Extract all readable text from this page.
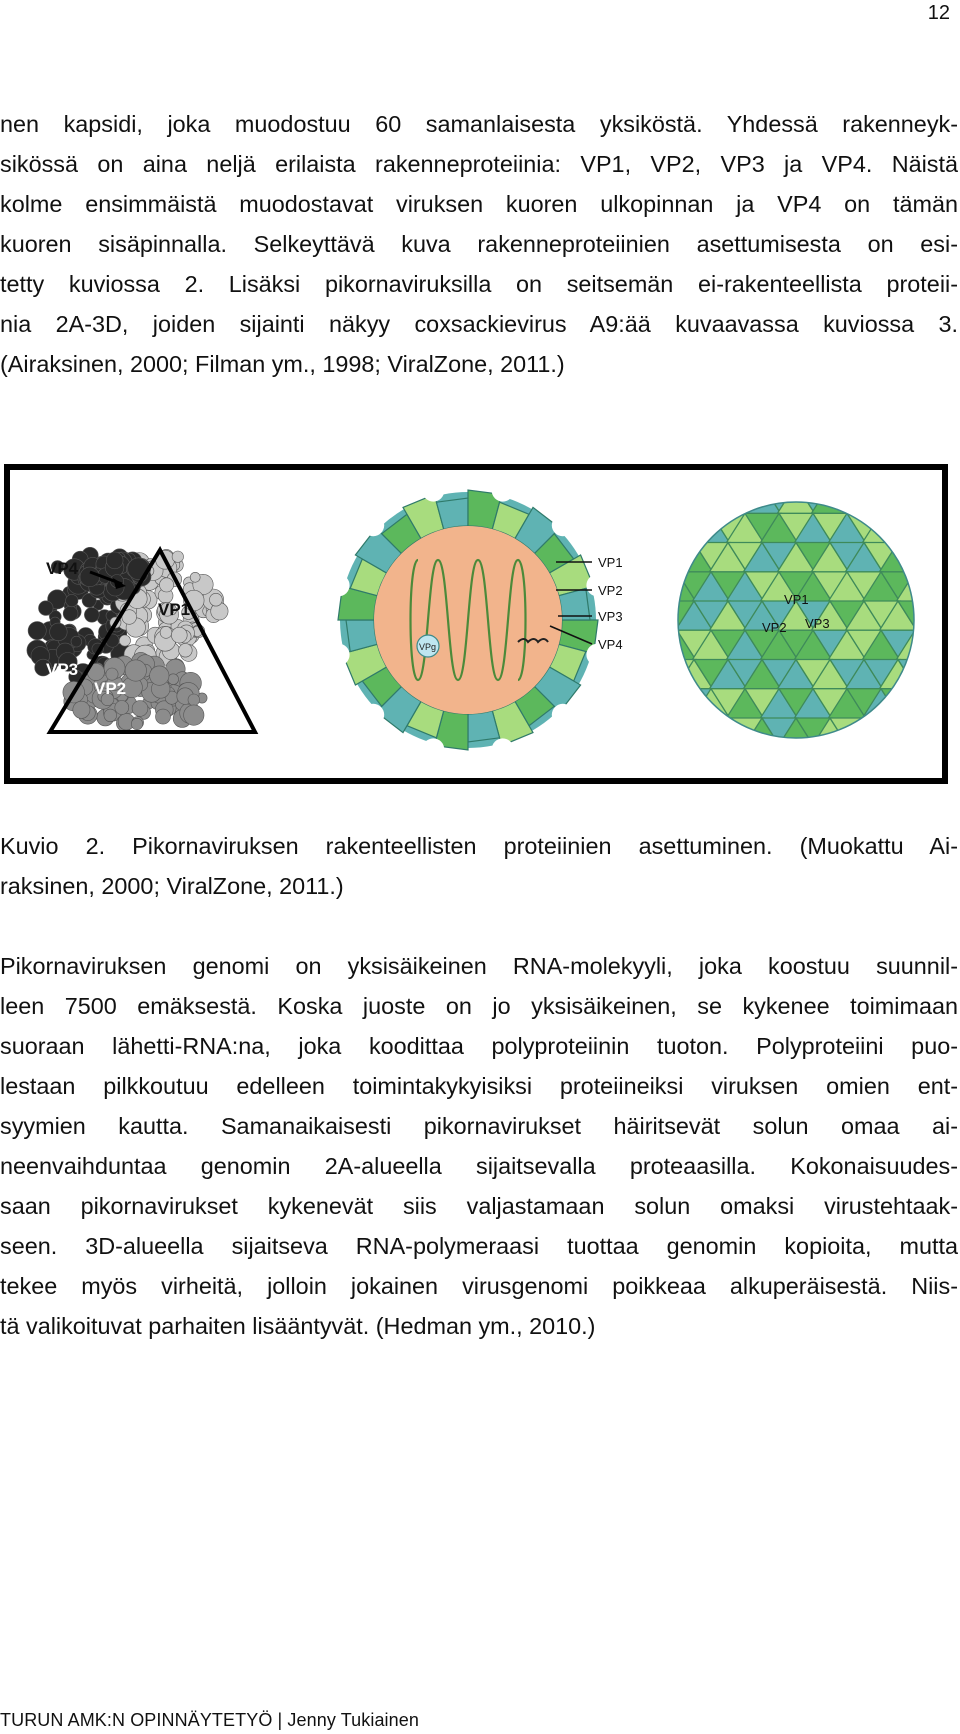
12
nen kapsidi, joka muodostuu 60 samanlaisesta yksiköstä. Yhdessä rakenneyk-
sikössä on aina neljä erilaista rakenneproteiinia: VP1, VP2, VP3 ja VP4. Näistä
kolme ensimmäistä muodostavat viruksen kuoren ulkopinnan ja VP4 on tämän
kuoren sisäpinnalla. Selkeyttävä kuva rakenneproteiinien asettumisesta on esi-
tetty kuviossa 2. Lisäksi pikornaviruksilla on seitsemän ei-rakenteellista proteii-
nia 2A-3D, joiden sijainti näkyy coxsackievirus A9:ää kuvaavassa kuviossa 3.
(Airaksinen, 2000; Filman ym., 1998; ViralZone, 2011.)
VP4
VP1
VP3
VP2
VPg
VP1
VP2
VP3
VP4
VP1
VP2 VP3
Kuvio 2. Pikornaviruksen rakenteellisten proteiinien asettuminen. (Muokattu Ai-
raksinen, 2000; ViralZone, 2011.)
Pikornaviruksen genomi on yksisäikeinen RNA-molekyyli, joka koostuu suunnil-
leen 7500 emäksestä. Koska juoste on jo yksisäikeinen, se kykenee toimimaan
suoraan lähetti-RNA:na, joka koodittaa polyproteiinin tuoton. Polyproteiini puo-
lestaan pilkkoutuu edelleen toimintakykyisiksi proteiineiksi viruksen omien ent-
syymien kautta. Samanaikaisesti pikornavirukset häiritsevät solun omaa ai-
neenvaihduntaa genomin 2A-alueella sijaitsevalla proteaasilla. Kokonaisuudes-
saan pikornavirukset kykenevät siis valjastamaan solun omaksi virustehtaak-
seen. 3D-alueella sijaitseva RNA-polymeraasi tuottaa genomin kopioita, mutta
tekee myös virheitä, jolloin jokainen virusgenomi poikkeaa alkuperäisestä. Niis-
tä valikoituvat parhaiten lisääntyvät. (Hedman ym., 2010.)
TURUN AMK:N OPINNÄYTETYÖ | Jenny Tukiainen
